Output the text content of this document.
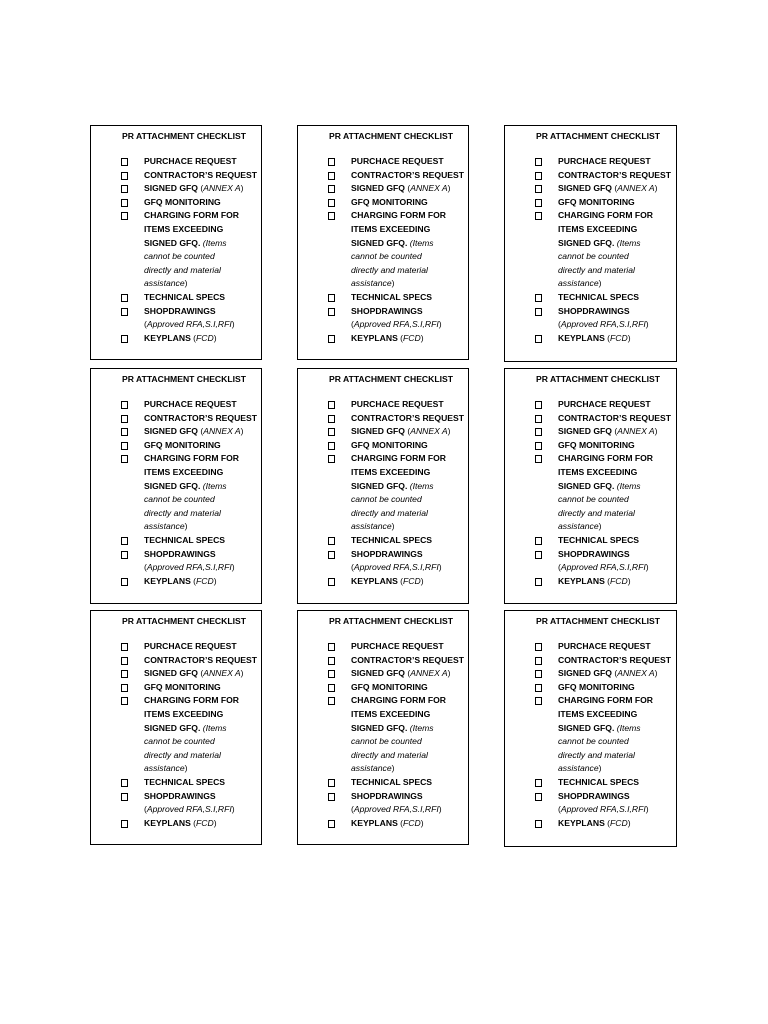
PR ATTACHMENT CHECKLIST
PURCHACE REQUEST
CONTRACTOR’S REQUEST
SIGNED GFQ (ANNEX A)
GFQ MONITORING
CHARGING FORM FOR
ITEMS EXCEEDING
SIGNED GFQ. (Items
cannot be counted
directly and material
assistance)
TECHNICAL SPECS
SHOPDRAWINGS
(Approved RFA,S.I,RFI)
KEYPLANS (FCD)
PR ATTACHMENT CHECKLIST
PURCHACE REQUEST
CONTRACTOR’S REQUEST
SIGNED GFQ (ANNEX A)
GFQ MONITORING
CHARGING FORM FOR
ITEMS EXCEEDING
SIGNED GFQ. (Items
cannot be counted
directly and material
assistance)
TECHNICAL SPECS
SHOPDRAWINGS
(Approved RFA,S.I,RFI)
KEYPLANS (FCD)
PR ATTACHMENT CHECKLIST
PURCHACE REQUEST
CONTRACTOR’S REQUEST
SIGNED GFQ (ANNEX A)
GFQ MONITORING
CHARGING FORM FOR
ITEMS EXCEEDING
SIGNED GFQ. (Items
cannot be counted
directly and material
assistance)
TECHNICAL SPECS
SHOPDRAWINGS
(Approved RFA,S.I,RFI)
KEYPLANS (FCD)
PR ATTACHMENT CHECKLIST
PURCHACE REQUEST
CONTRACTOR’S REQUEST
SIGNED GFQ (ANNEX A)
GFQ MONITORING
CHARGING FORM FOR
ITEMS EXCEEDING
SIGNED GFQ. (Items
cannot be counted
directly and material
assistance)
TECHNICAL SPECS
SHOPDRAWINGS
(Approved RFA,S.I,RFI)
KEYPLANS (FCD)
PR ATTACHMENT CHECKLIST
PURCHACE REQUEST
CONTRACTOR’S REQUEST
SIGNED GFQ (ANNEX A)
GFQ MONITORING
CHARGING FORM FOR
ITEMS EXCEEDING
SIGNED GFQ. (Items
cannot be counted
directly and material
assistance)
TECHNICAL SPECS
SHOPDRAWINGS
(Approved RFA,S.I,RFI)
KEYPLANS (FCD)
PR ATTACHMENT CHECKLIST
PURCHACE REQUEST
CONTRACTOR’S REQUEST
SIGNED GFQ (ANNEX A)
GFQ MONITORING
CHARGING FORM FOR
ITEMS EXCEEDING
SIGNED GFQ. (Items
cannot be counted
directly and material
assistance)
TECHNICAL SPECS
SHOPDRAWINGS
(Approved RFA,S.I,RFI)
KEYPLANS (FCD)
PR ATTACHMENT CHECKLIST
PURCHACE REQUEST
CONTRACTOR’S REQUEST
SIGNED GFQ (ANNEX A)
GFQ MONITORING
CHARGING FORM FOR
ITEMS EXCEEDING
SIGNED GFQ. (Items
cannot be counted
directly and material
assistance)
TECHNICAL SPECS
SHOPDRAWINGS
(Approved RFA,S.I,RFI)
KEYPLANS (FCD)
PR ATTACHMENT CHECKLIST
PURCHACE REQUEST
CONTRACTOR’S REQUEST
SIGNED GFQ (ANNEX A)
GFQ MONITORING
CHARGING FORM FOR
ITEMS EXCEEDING
SIGNED GFQ. (Items
cannot be counted
directly and material
assistance)
TECHNICAL SPECS
SHOPDRAWINGS
(Approved RFA,S.I,RFI)
KEYPLANS (FCD)
PR ATTACHMENT CHECKLIST
PURCHACE REQUEST
CONTRACTOR’S REQUEST
SIGNED GFQ (ANNEX A)
GFQ MONITORING
CHARGING FORM FOR
ITEMS EXCEEDING
SIGNED GFQ. (Items
cannot be counted
directly and material
assistance)
TECHNICAL SPECS
SHOPDRAWINGS
(Approved RFA,S.I,RFI)
KEYPLANS (FCD)
